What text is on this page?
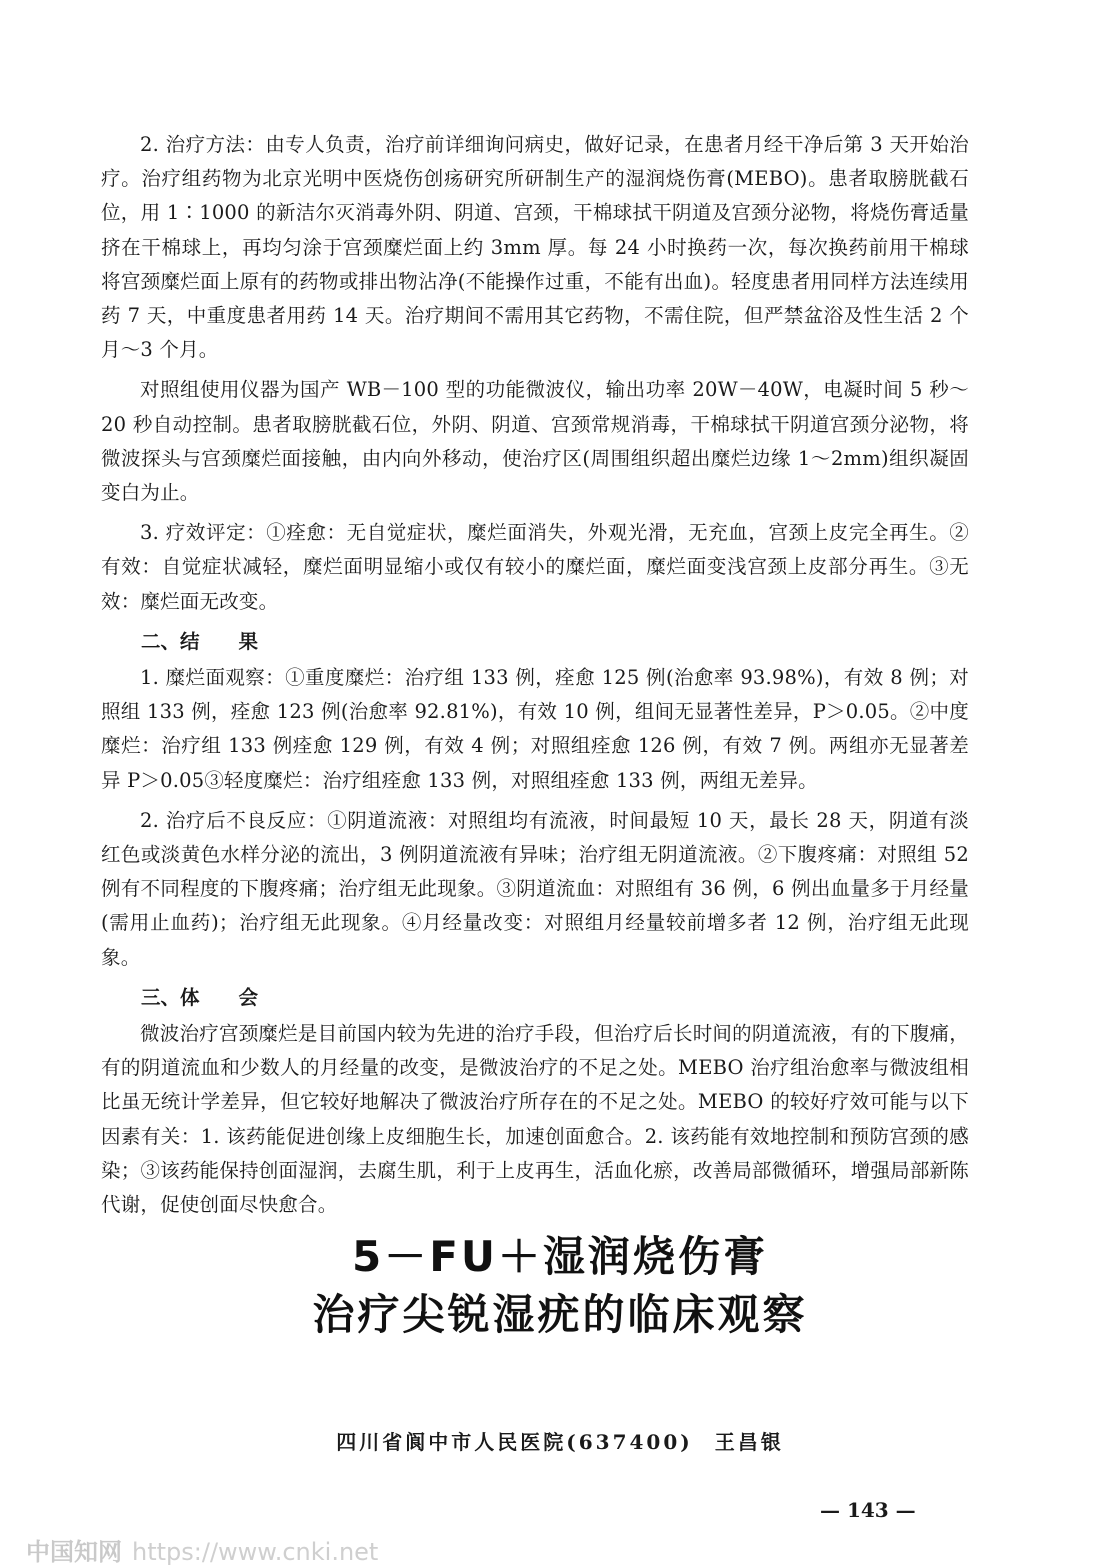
2. 治疗方法：由专人负责，治疗前详细询问病史，做好记录，在患者月经干净后第 3 天开始治疗。治疗组药物为北京光明中医烧伤创疡研究所研制生产的湿润烧伤膏(MEBO)。患者取膀胱截石位，用 1∶1000 的新洁尔灭消毒外阴、阴道、宫颈，干棉球拭干阴道及宫颈分泌物，将烧伤膏适量挤在干棉球上，再均匀涂于宫颈糜烂面上约 3mm 厚。每 24 小时换药一次，每次换药前用干棉球将宫颈糜烂面上原有的药物或排出物沾净(不能操作过重，不能有出血)。轻度患者用同样方法连续用药 7 天，中重度患者用药 14 天。治疗期间不需用其它药物，不需住院，但严禁盆浴及性生活 2 个月～3 个月。

对照组使用仪器为国产 WB－100 型的功能微波仪，输出功率 20W－40W，电凝时间 5 秒～20 秒自动控制。患者取膀胱截石位，外阴、阴道、宫颈常规消毒，干棉球拭干阴道宫颈分泌物，将微波探头与宫颈糜烂面接触，由内向外移动，使治疗区(周围组织超出糜烂边缘 1～2mm)组织凝固变白为止。

3. 疗效评定：①痊愈：无自觉症状，糜烂面消失，外观光滑，无充血，宫颈上皮完全再生。②有效：自觉症状减轻，糜烂面明显缩小或仅有较小的糜烂面，糜烂面变浅宫颈上皮部分再生。③无效：糜烂面无改变。

二、结　　果

1. 糜烂面观察：①重度糜烂：治疗组 133 例，痊愈 125 例(治愈率 93.98%)，有效 8 例；对照组 133 例，痊愈 123 例(治愈率 92.81%)，有效 10 例，组间无显著性差异，P＞0.05。②中度糜烂：治疗组 133 例痊愈 129 例，有效 4 例；对照组痊愈 126 例，有效 7 例。两组亦无显著差异 P＞0.05③轻度糜烂：治疗组痊愈 133 例，对照组痊愈 133 例，两组无差异。

2. 治疗后不良反应：①阴道流液：对照组均有流液，时间最短 10 天，最长 28 天，阴道有淡红色或淡黄色水样分泌的流出，3 例阴道流液有异味；治疗组无阴道流液。②下腹疼痛：对照组 52 例有不同程度的下腹疼痛；治疗组无此现象。③阴道流血：对照组有 36 例，6 例出血量多于月经量(需用止血药)；治疗组无此现象。④月经量改变：对照组月经量较前增多者 12 例，治疗组无此现象。

三、体　　会

微波治疗宫颈糜烂是目前国内较为先进的治疗手段，但治疗后长时间的阴道流液，有的下腹痛，有的阴道流血和少数人的月经量的改变，是微波治疗的不足之处。MEBO 治疗组治愈率与微波组相比虽无统计学差异，但它较好地解决了微波治疗所存在的不足之处。MEBO 的较好疗效可能与以下因素有关：1. 该药能促进创缘上皮细胞生长，加速创面愈合。2. 该药能有效地控制和预防宫颈的感染；③该药能保持创面湿润，去腐生肌，利于上皮再生，活血化瘀，改善局部微循环，增强局部新陈代谢，促使创面尽快愈合。

5－FU＋湿润烧伤膏
治疗尖锐湿疣的临床观察
四川省阆中市人民医院(637400) 王昌银
— 143 —
中国知网 https://www.cnki.net
